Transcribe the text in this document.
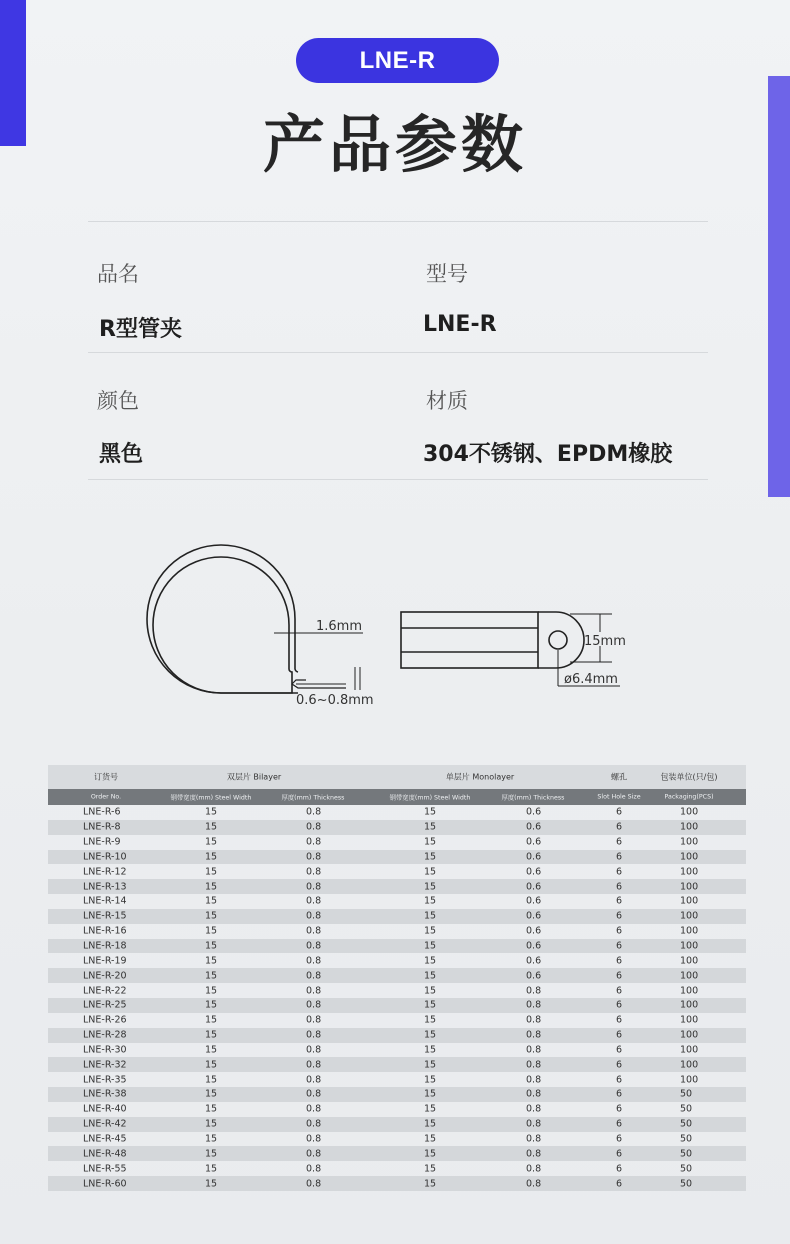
LNE-R
产品参数
品名	型号
R型管夹	LNE-R
颜色	材质
黑色	304不锈钢、EPDM橡胶
1.6mm
0.6~0.8mm
15mm
ø6.4mm
订货号	双层片 Bilayer	单层片 Monolayer	螺孔	包装单位(只/包)
Order No.	钢带宽度(mm) Steel Width	厚度(mm) Thickness	钢带宽度(mm) Steel Width	厚度(mm) Thickness	Slot Hole Size	Packaging(PCS)
LNE-R-6	15	0.8	15	0.6	6	100
LNE-R-8	15	0.8	15	0.6	6	100
LNE-R-9	15	0.8	15	0.6	6	100
LNE-R-10	15	0.8	15	0.6	6	100
LNE-R-12	15	0.8	15	0.6	6	100
LNE-R-13	15	0.8	15	0.6	6	100
LNE-R-14	15	0.8	15	0.6	6	100
LNE-R-15	15	0.8	15	0.6	6	100
LNE-R-16	15	0.8	15	0.6	6	100
LNE-R-18	15	0.8	15	0.6	6	100
LNE-R-19	15	0.8	15	0.6	6	100
LNE-R-20	15	0.8	15	0.6	6	100
LNE-R-22	15	0.8	15	0.8	6	100
LNE-R-25	15	0.8	15	0.8	6	100
LNE-R-26	15	0.8	15	0.8	6	100
LNE-R-28	15	0.8	15	0.8	6	100
LNE-R-30	15	0.8	15	0.8	6	100
LNE-R-32	15	0.8	15	0.8	6	100
LNE-R-35	15	0.8	15	0.8	6	100
LNE-R-38	15	0.8	15	0.8	6	50
LNE-R-40	15	0.8	15	0.8	6	50
LNE-R-42	15	0.8	15	0.8	6	50
LNE-R-45	15	0.8	15	0.8	6	50
LNE-R-48	15	0.8	15	0.8	6	50
LNE-R-55	15	0.8	15	0.8	6	50
LNE-R-60	15	0.8	15	0.8	6	50
